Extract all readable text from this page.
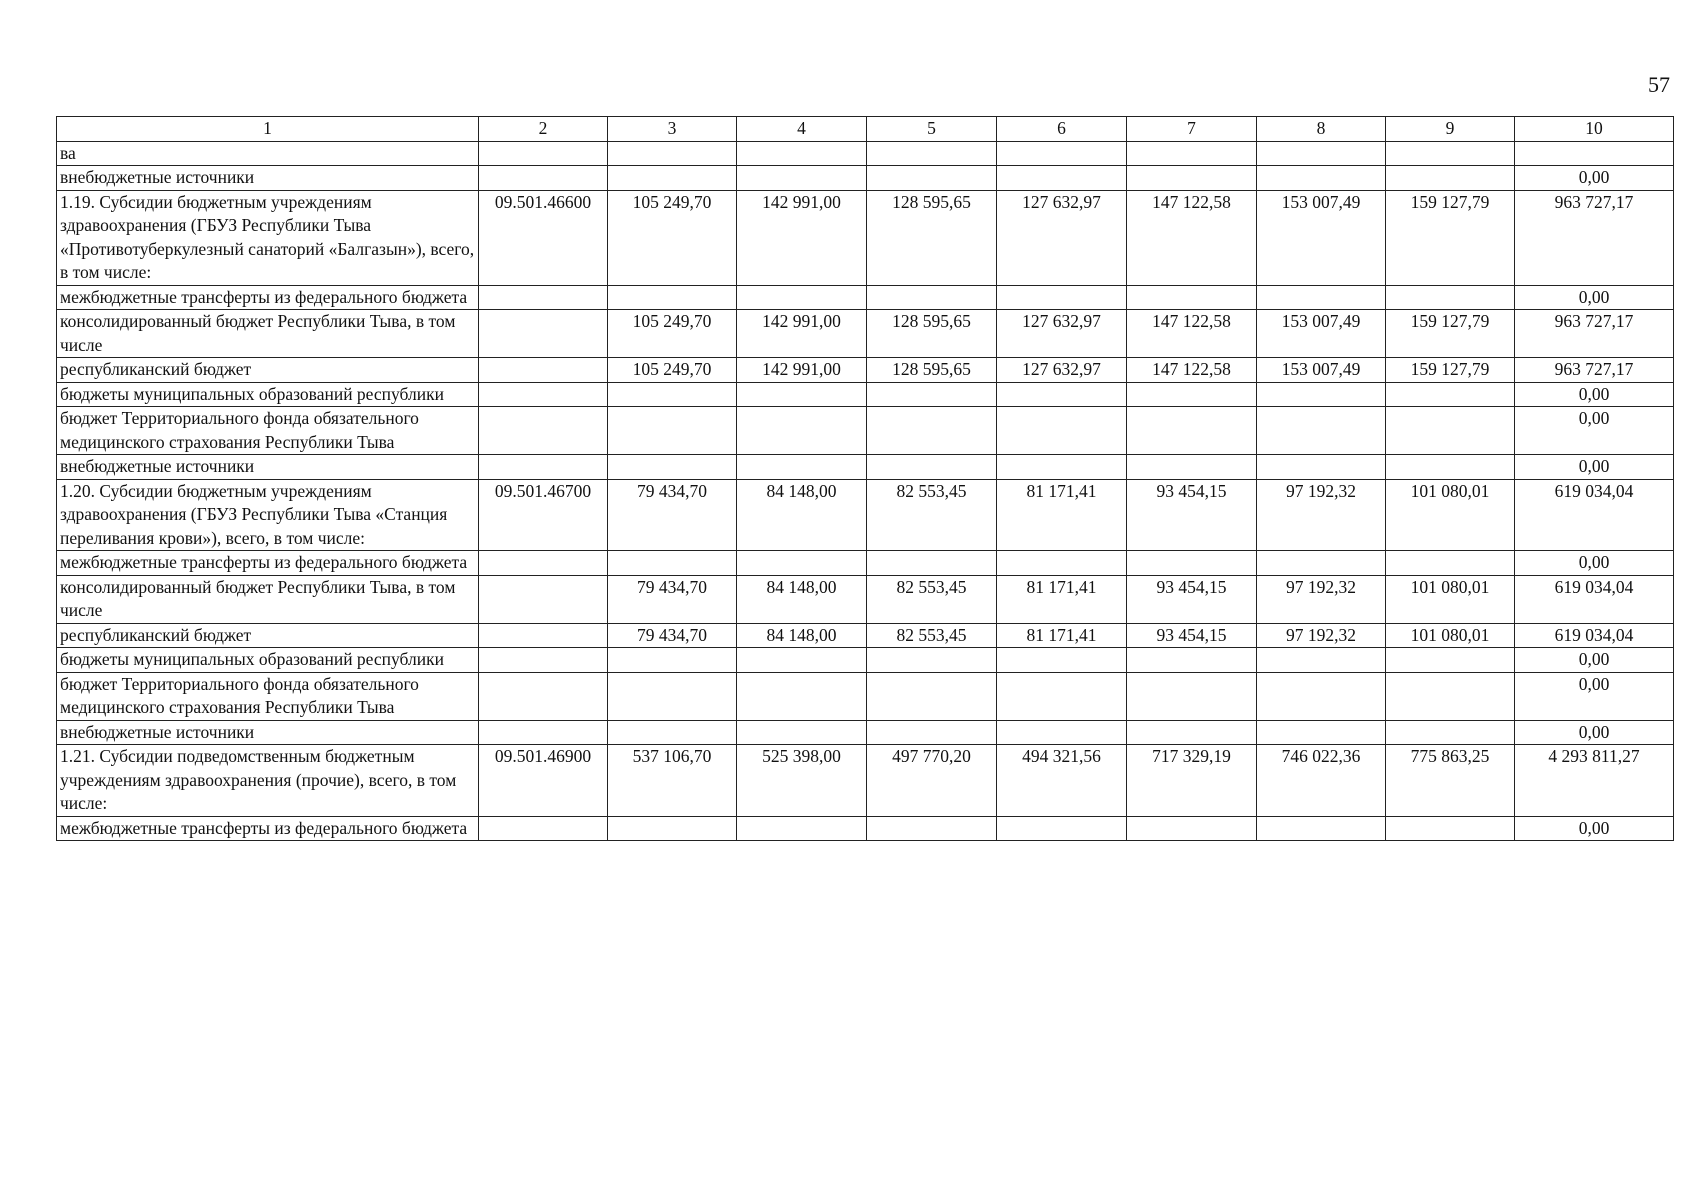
57
1	2	3	4	5	6	7	8	9	10
ва									
внебюджетные источники									0,00
1.19. Субсидии бюджетным учреждениям здравоохранения (ГБУЗ Республики Тыва «Противотуберкулезный санаторий «Балгазын»), всего, в том числе:	09.501.46600	105 249,70	142 991,00	128 595,65	127 632,97	147 122,58	153 007,49	159 127,79	963 727,17
межбюджетные трансферты из федерального бюджета									0,00
консолидированный бюджет Республики Тыва, в том числе		105 249,70	142 991,00	128 595,65	127 632,97	147 122,58	153 007,49	159 127,79	963 727,17
республиканский бюджет		105 249,70	142 991,00	128 595,65	127 632,97	147 122,58	153 007,49	159 127,79	963 727,17
бюджеты муниципальных образований республики									0,00
бюджет Территориального фонда обязательного медицинского страхования Республики Тыва									0,00
внебюджетные источники									0,00
1.20. Субсидии бюджетным учреждениям здравоохранения (ГБУЗ Республики Тыва «Станция переливания крови»), всего, в том числе:	09.501.46700	79 434,70	84 148,00	82 553,45	81 171,41	93 454,15	97 192,32	101 080,01	619 034,04
межбюджетные трансферты из федерального бюджета									0,00
консолидированный бюджет Республики Тыва, в том числе		79 434,70	84 148,00	82 553,45	81 171,41	93 454,15	97 192,32	101 080,01	619 034,04
республиканский бюджет		79 434,70	84 148,00	82 553,45	81 171,41	93 454,15	97 192,32	101 080,01	619 034,04
бюджеты муниципальных образований республики									0,00
бюджет Территориального фонда обязательного медицинского страхования Республики Тыва									0,00
внебюджетные источники									0,00
1.21. Субсидии подведомственным бюджетным учреждениям здравоохранения (прочие), всего, в том числе:	09.501.46900	537 106,70	525 398,00	497 770,20	494 321,56	717 329,19	746 022,36	775 863,25	4 293 811,27
межбюджетные трансферты из федерального бюджета									0,00
